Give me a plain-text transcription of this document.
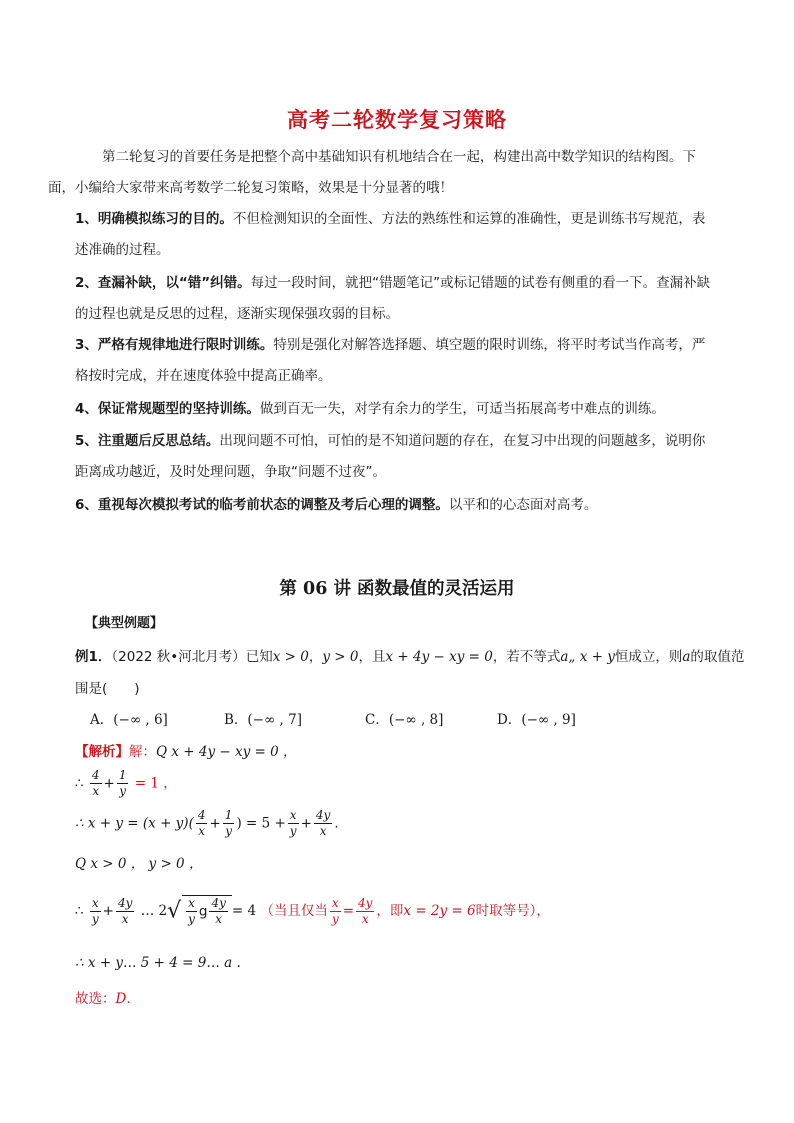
高考二轮数学复习策略
第二轮复习的首要任务是把整个高中基础知识有机地结合在一起，构建出高中数学知识的结构图。下
面，小编给大家带来高考数学二轮复习策略，效果是十分显著的哦！
1、明确模拟练习的目的。不但检测知识的全面性、方法的熟练性和运算的准确性，更是训练书写规范，表
述准确的过程。
2、查漏补缺，以“错”纠错。每过一段时间，就把“错题笔记”或标记错题的试卷有侧重的看一下。查漏补缺
的过程也就是反思的过程，逐渐实现保强攻弱的目标。
3、严格有规律地进行限时训练。特别是强化对解答选择题、填空题的限时训练，将平时考试当作高考，严
格按时完成，并在速度体验中提高正确率。
4、保证常规题型的坚持训练。做到百无一失，对学有余力的学生，可适当拓展高考中难点的训练。
5、注重题后反思总结。出现问题不可怕，可怕的是不知道问题的存在，在复习中出现的问题越多，说明你
距离成功越近，及时处理问题，争取“问题不过夜”。
6、重视每次模拟考试的临考前状态的调整及考后心理的调整。以平和的心态面对高考。
第 06 讲 函数最值的灵活运用
【典型例题】
例1．（2022 秋•河北月考）已知x > 0，y > 0，且x + 4y − xy = 0，若不等式a„ x + y恒成立，则a的取值范
围是(　　)
A．(−∞ , 6]	B．(−∞ , 7]	C．(−∞ , 8]	D．(−∞ , 9]
【解析】解：Q x + 4y − xy = 0 ，
∴ $\frac{4}{x} + \frac{1}{y} = 1$ ，
∴ $x + y = (x + y)( \frac{4}{x} + \frac{1}{y}$ ) = $5 + \frac{x}{y} + \frac{4y}{x}$ .
Q x > 0 ， y > 0 ，
∴ $\frac{x}{y} + \frac{4y}{x}$ … $2√ \frac{x}{y}$ g $\frac{4y}{x} = 4$ （当且仅当 $\frac{x}{y} = \frac{4y}{x}$ ，即x = 2y = 6时取等号），
∴ x + y… 5 + 4 = 9… a .
故选：D.
